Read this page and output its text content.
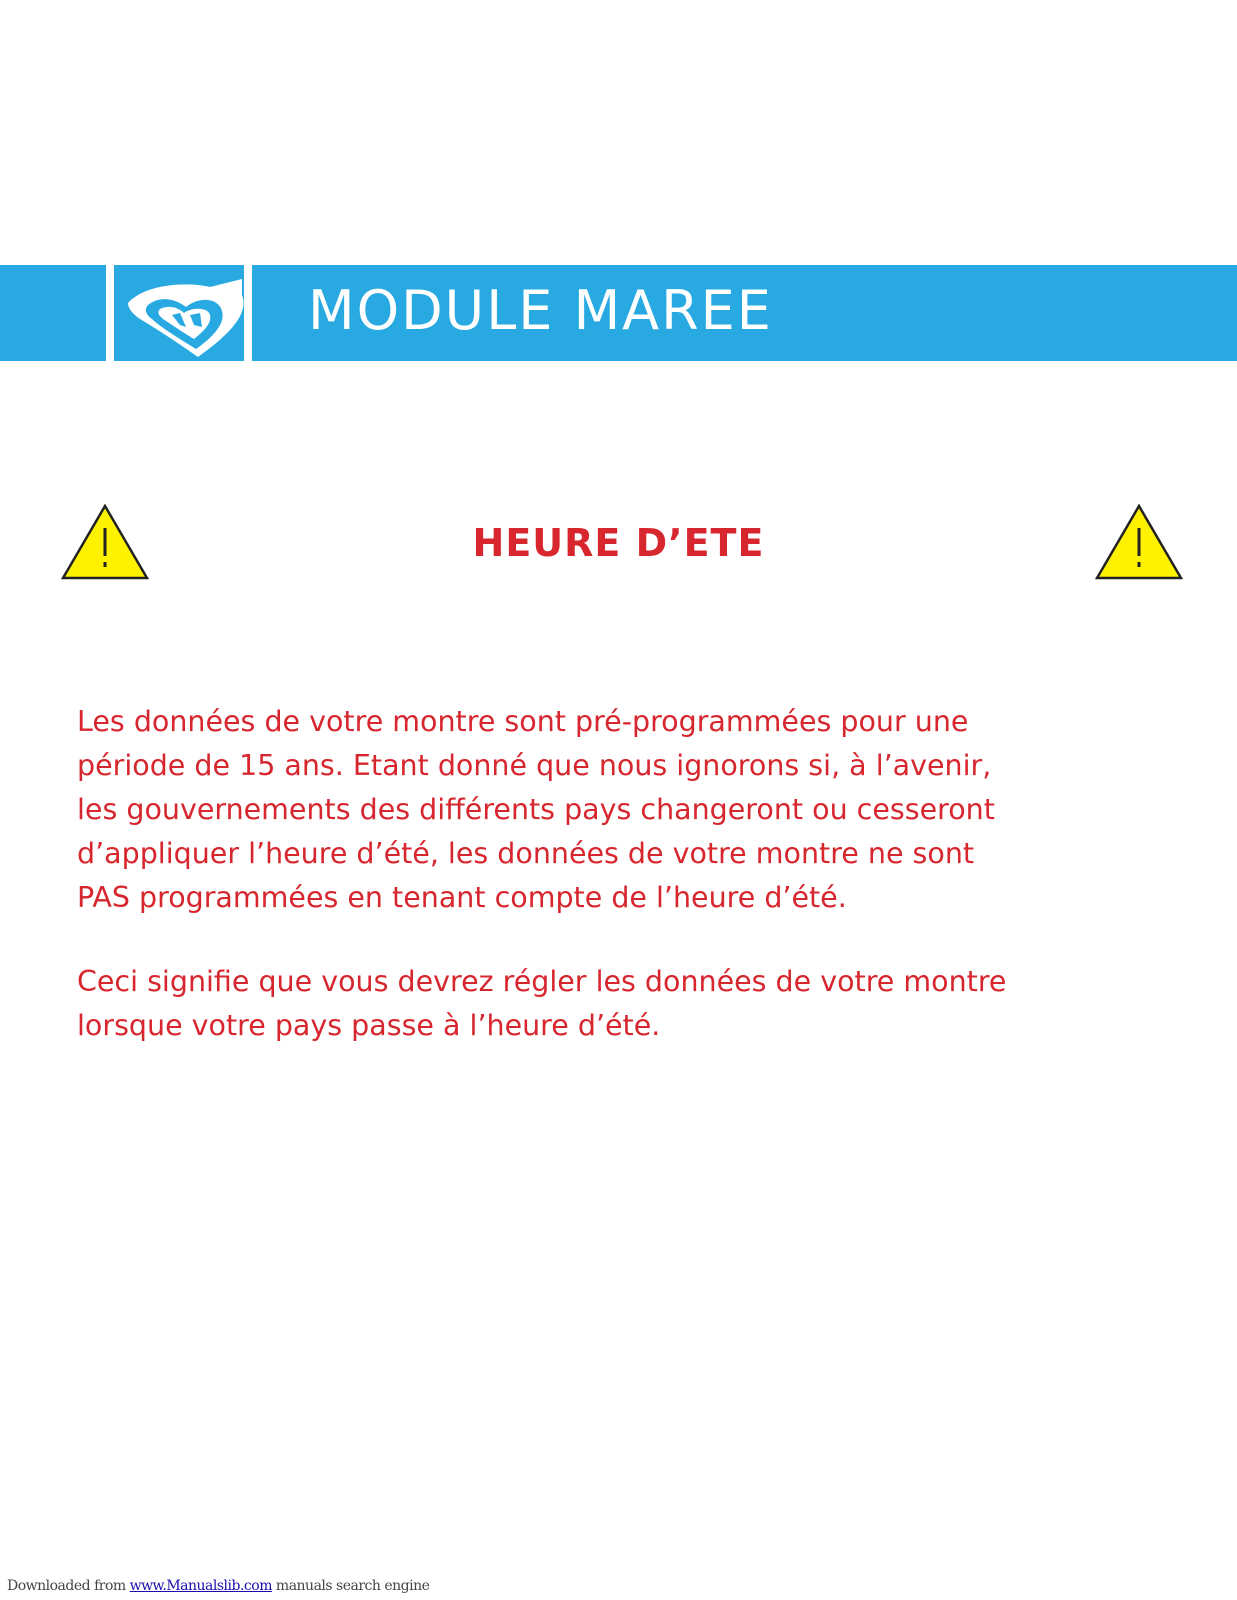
MODULE MAREE
HEURE D’ETE

Les données de votre montre sont pré-programmées pour une
période de 15 ans. Etant donné que nous ignorons si, à l’avenir,
les gouvernements des différents pays changeront ou cesseront
d’appliquer l’heure d’été, les données de votre montre ne sont
PAS programmées en tenant compte de l’heure d’été.

Ceci signifie que vous devrez régler les données de votre montre
lorsque votre pays passe à l’heure d’été.

Downloaded from www.Manualslib.com manuals search engine
